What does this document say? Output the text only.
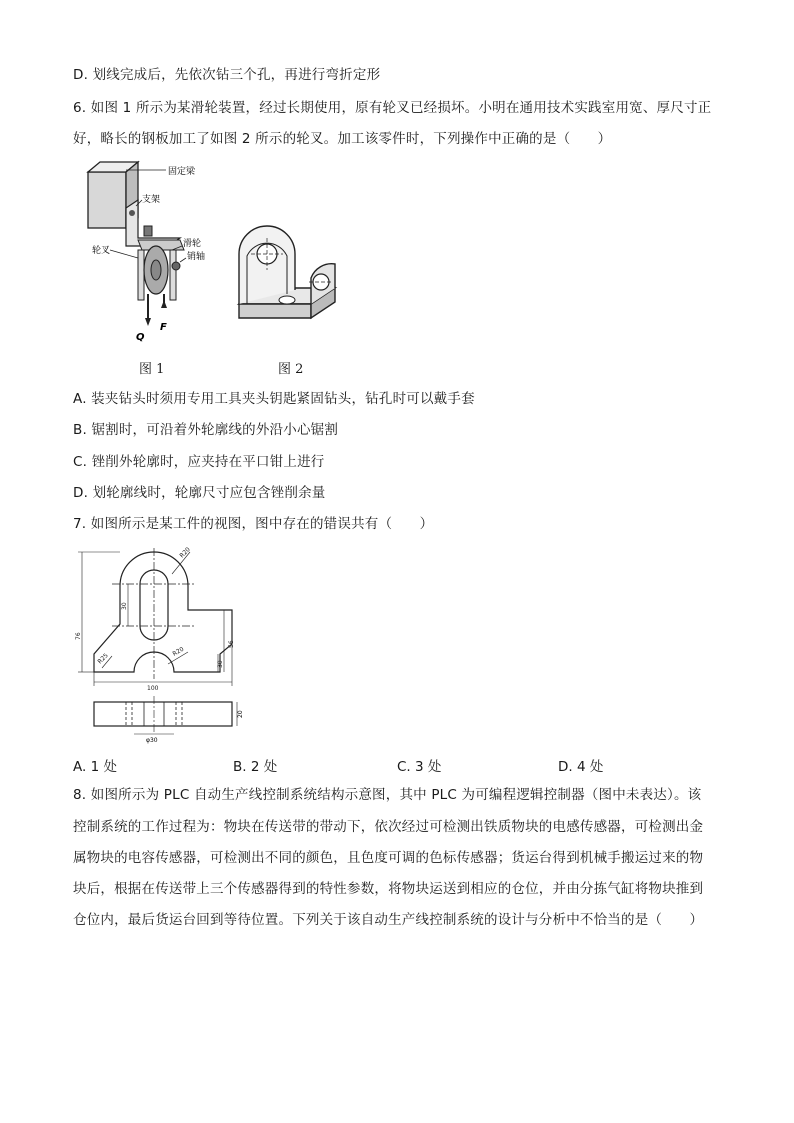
D. 划线完成后，先依次钻三个孔，再进行弯折定形
6. 如图 1 所示为某滑轮装置，经过长期使用，原有轮叉已经损坏。小明在通用技术实践室用宽、厚尺寸正
好，略长的钢板加工了如图 2 所示的轮叉。加工该零件时，下列操作中正确的是（　　）
固定梁
支架
滑轮
轮叉
销轴
Q
F
图 1	图 2
A. 装夹钻头时须用专用工具夹头钥匙紧固钻头，钻孔时可以戴手套
B. 锯割时，可沿着外轮廓线的外沿小心锯割
C. 锉削外轮廓时，应夹持在平口钳上进行
D. 划轮廓线时，轮廓尺寸应包含锉削余量
7. 如图所示是某工件的视图，图中存在的错误共有（　　）
R20
30
76
56
30
R25
R20
100
20
φ30
A. 1 处	B. 2 处	C. 3 处	D. 4 处
8. 如图所示为 PLC 自动生产线控制系统结构示意图，其中 PLC 为可编程逻辑控制器（图中未表达）。该
控制系统的工作过程为：物块在传送带的带动下，依次经过可检测出铁质物块的电感传感器，可检测出金
属物块的电容传感器，可检测出不同的颜色，且色度可调的色标传感器；货运台得到机械手搬运过来的物
块后，根据在传送带上三个传感器得到的特性参数，将物块运送到相应的仓位，并由分拣气缸将物块推到
仓位内，最后货运台回到等待位置。下列关于该自动生产线控制系统的设计与分析中不恰当的是（　　）
